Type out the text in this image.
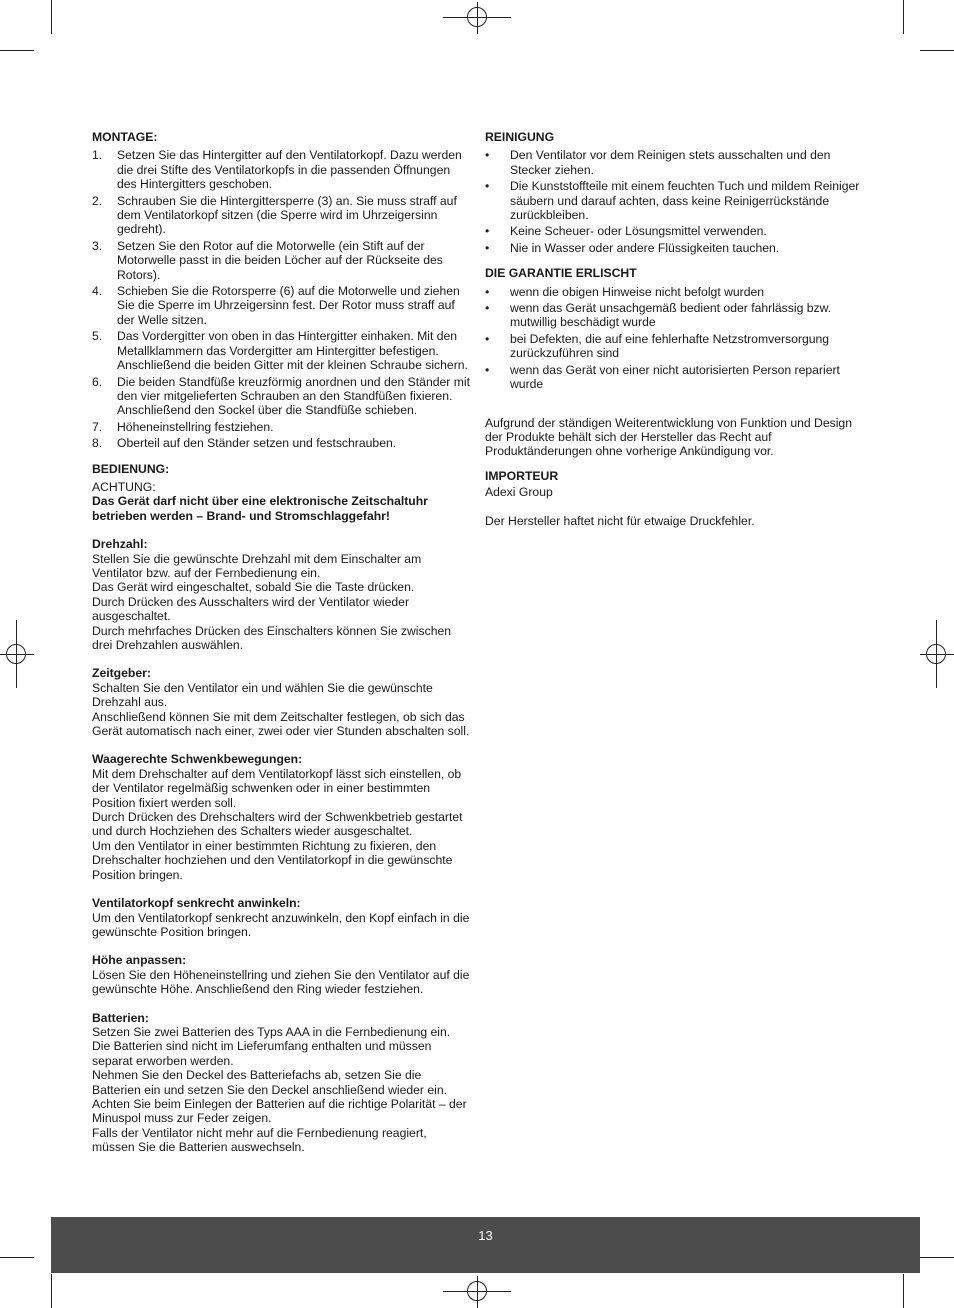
MONTAGE:
1. Setzen Sie das Hintergitter auf den Ventilatorkopf. Dazu werden die drei Stifte des Ventilatorkopfs in die passenden Öffnungen des Hintergitters geschoben.
2. Schrauben Sie die Hintergittersperre (3) an. Sie muss straff auf dem Ventilatorkopf sitzen (die Sperre wird im Uhrzeigersinn gedreht).
3. Setzen Sie den Rotor auf die Motorwelle (ein Stift auf der Motorwelle passt in die beiden Löcher auf der Rückseite des Rotors).
4. Schieben Sie die Rotorsperre (6) auf die Motorwelle und ziehen Sie die Sperre im Uhrzeigersinn fest. Der Rotor muss straff auf der Welle sitzen.
5. Das Vordergitter von oben in das Hintergitter einhaken. Mit den Metallklammern das Vordergitter am Hintergitter befestigen. Anschließend die beiden Gitter mit der kleinen Schraube sichern.
6. Die beiden Standfüße kreuzförmig anordnen und den Ständer mit den vier mitgelieferten Schrauben an den Standfüßen fixieren. Anschließend den Sockel über die Standfüße schieben.
7. Höheneinstellring festziehen.
8. Oberteil auf den Ständer setzen und festschrauben.
BEDIENUNG:
ACHTUNG:
Das Gerät darf nicht über eine elektronische Zeitschaltuhr betrieben werden – Brand- und Stromschlaggefahr!
Drehzahl:
Stellen Sie die gewünschte Drehzahl mit dem Einschalter am Ventilator bzw. auf der Fernbedienung ein.
Das Gerät wird eingeschaltet, sobald Sie die Taste drücken.
Durch Drücken des Ausschalters wird der Ventilator wieder ausgeschaltet.
Durch mehrfaches Drücken des Einschalters können Sie zwischen drei Drehzahlen auswählen.
Zeitgeber:
Schalten Sie den Ventilator ein und wählen Sie die gewünschte Drehzahl aus.
Anschließend können Sie mit dem Zeitschalter festlegen, ob sich das Gerät automatisch nach einer, zwei oder vier Stunden abschalten soll.
Waagerechte Schwenkbewegungen:
Mit dem Drehschalter auf dem Ventilatorkopf lässt sich einstellen, ob der Ventilator regelmäßig schwenken oder in einer bestimmten Position fixiert werden soll.
Durch Drücken des Drehschalters wird der Schwenkbetrieb gestartet und durch Hochziehen des Schalters wieder ausgeschaltet.
Um den Ventilator in einer bestimmten Richtung zu fixieren, den Drehschalter hochziehen und den Ventilatorkopf in die gewünschte Position bringen.
Ventilatorkopf senkrecht anwinkeln:
Um den Ventilatorkopf senkrecht anzuwinkeln, den Kopf einfach in die gewünschte Position bringen.
Höhe anpassen:
Lösen Sie den Höheneinstellring und ziehen Sie den Ventilator auf die gewünschte Höhe. Anschließend den Ring wieder festziehen.
Batterien:
Setzen Sie zwei Batterien des Typs AAA in die Fernbedienung ein. Die Batterien sind nicht im Lieferumfang enthalten und müssen separat erworben werden.
Nehmen Sie den Deckel des Batteriefachs ab, setzen Sie die Batterien ein und setzen Sie den Deckel anschließend wieder ein. Achten Sie beim Einlegen der Batterien auf die richtige Polarität – der Minuspol muss zur Feder zeigen.
Falls der Ventilator nicht mehr auf die Fernbedienung reagiert, müssen Sie die Batterien auswechseln.
REINIGUNG
• Den Ventilator vor dem Reinigen stets ausschalten und den Stecker ziehen.
• Die Kunststoffteile mit einem feuchten Tuch und mildem Reiniger säubern und darauf achten, dass keine Reinigerrückstände zurückbleiben.
• Keine Scheuer- oder Lösungsmittel verwenden.
• Nie in Wasser oder andere Flüssigkeiten tauchen.
DIE GARANTIE ERLISCHT
• wenn die obigen Hinweise nicht befolgt wurden
• wenn das Gerät unsachgemäß bedient oder fahrlässig bzw. mutwillig beschädigt wurde
• bei Defekten, die auf eine fehlerhafte Netzstromversorgung zurückzuführen sind
• wenn das Gerät von einer nicht autorisierten Person repariert wurde
Aufgrund der ständigen Weiterentwicklung von Funktion und Design der Produkte behält sich der Hersteller das Recht auf Produktänderungen ohne vorherige Ankündigung vor.
IMPORTEUR
Adexi Group
Der Hersteller haftet nicht für etwaige Druckfehler.
13
